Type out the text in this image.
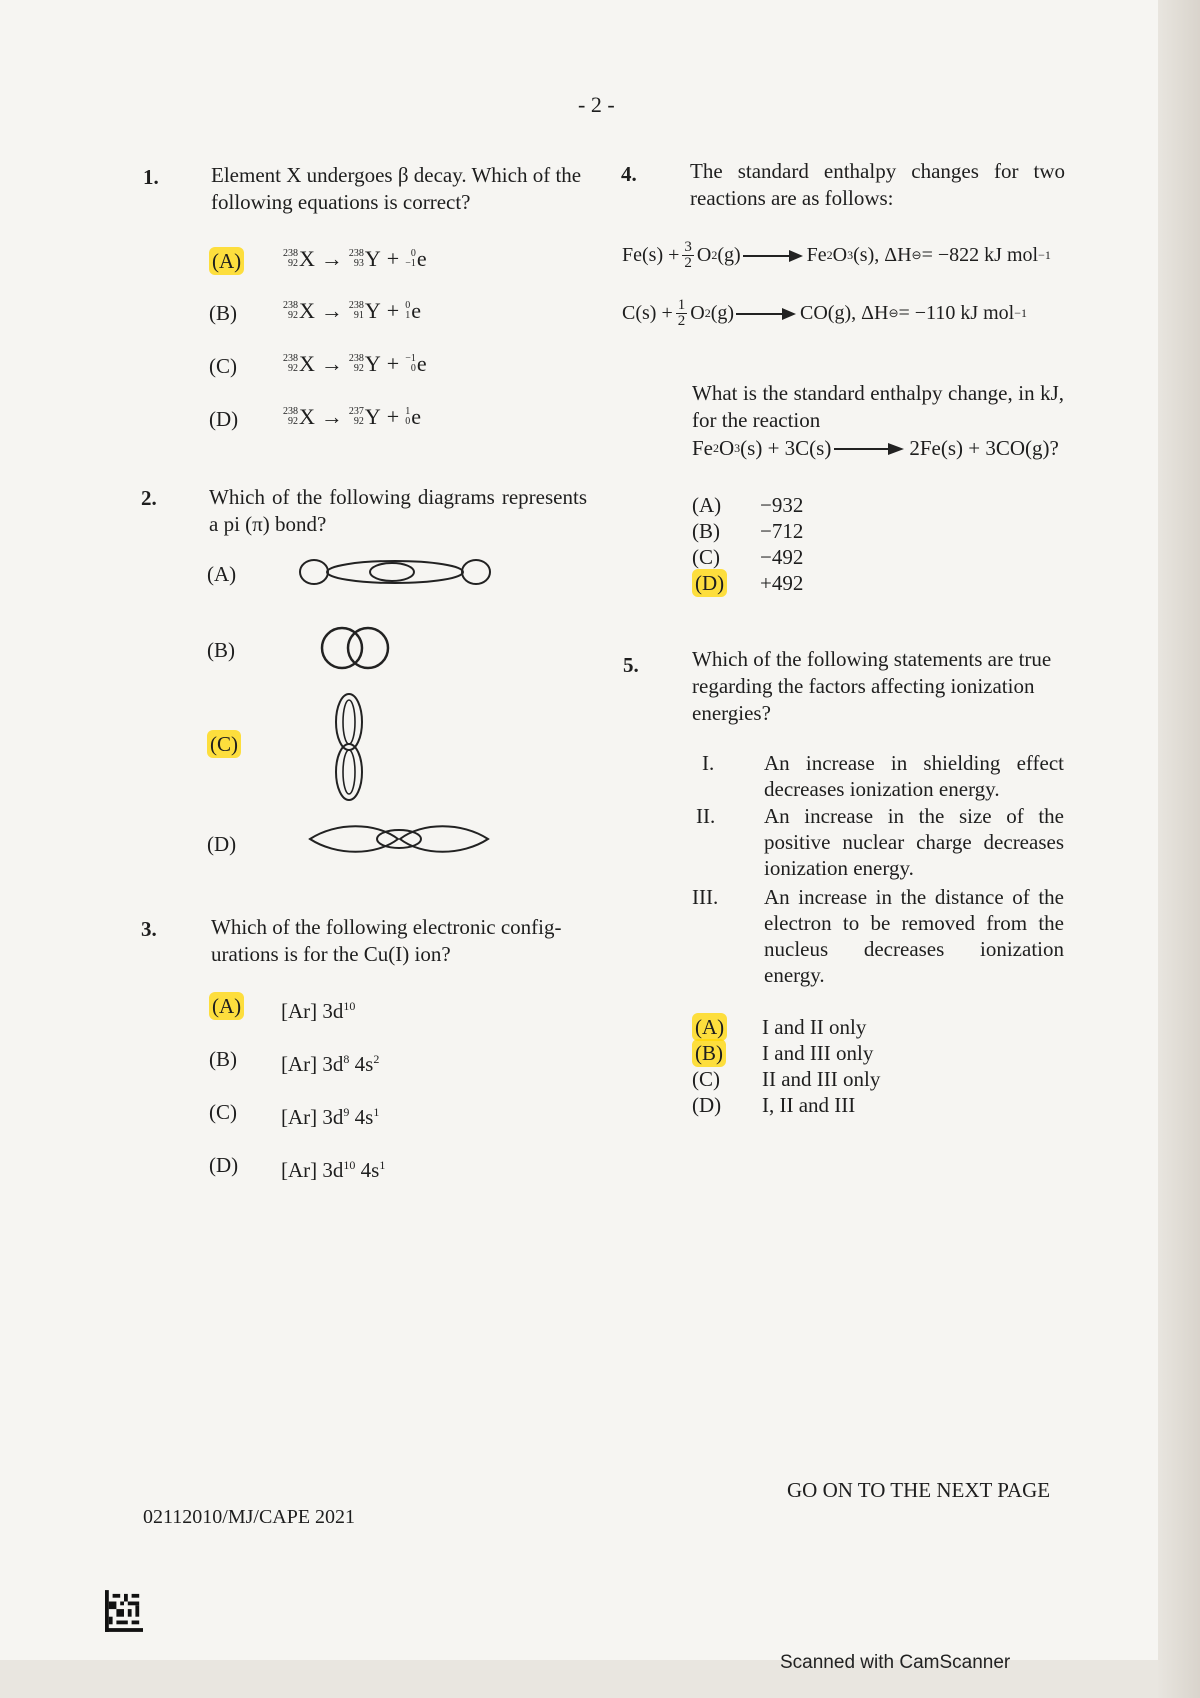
- 2 -
1. Element X undergoes β decay. Which of the following equations is correct?
(A)	238
92 X → 238
93 Y +	0
−1 e
(B)	238
92 X → 238
91 Y + 0
1 e
(C)	238
92 X → 238
92 Y + −1
0 e
(D)	238
92 X → 237
92 Y + 1
0 e
2. Which of the following diagrams represents a pi (π) bond?
(A)
(B)
(C)
(D)
3.	Which of the following electronic config-urations is for the Cu(I) ion?
(A) [Ar] $3d^{10}$
(B) [Ar] $3d^8$ $4s^2$
(C) [Ar] $3d^9$ $4s^1$
(D) [Ar] $3d^{10}$ $4s^1$
4.	The standard enthalpy changes for two reactions are as follows:
$Fe(s) + \frac{3}{2}$ O 2 (g) → Fe 2 O 3 (s), ΔH ⊖ = −822 kJ mol −1
$C(s) + \frac{1}{2}$ O 2 (g) → CO(g), ΔH ⊖ = −110 kJ mol −1
What is the standard enthalpy change, in kJ, for the reaction
Fe 2 O 3 (s) + 3C(s) → 2Fe(s) + 3CO(g)?
(A) −932
(B) −712
(C) −492
(D) +492
5.	Which of the following statements are true regarding the factors affecting ionization energies?
I. An increase in shielding effect decreases ionization energy.
II. An increase in the size of the positive nuclear charge decreases ionization energy.
III. An increase in the distance of the electron to be removed from the nucleus decreases ionization energy.
(A) I and II only
(B) I and III only
(C) II and III only
(D) I, II and III
02112010/MJ/CAPE 2021
GO ON TO THE NEXT PAGE
Scanned with CamScanner
